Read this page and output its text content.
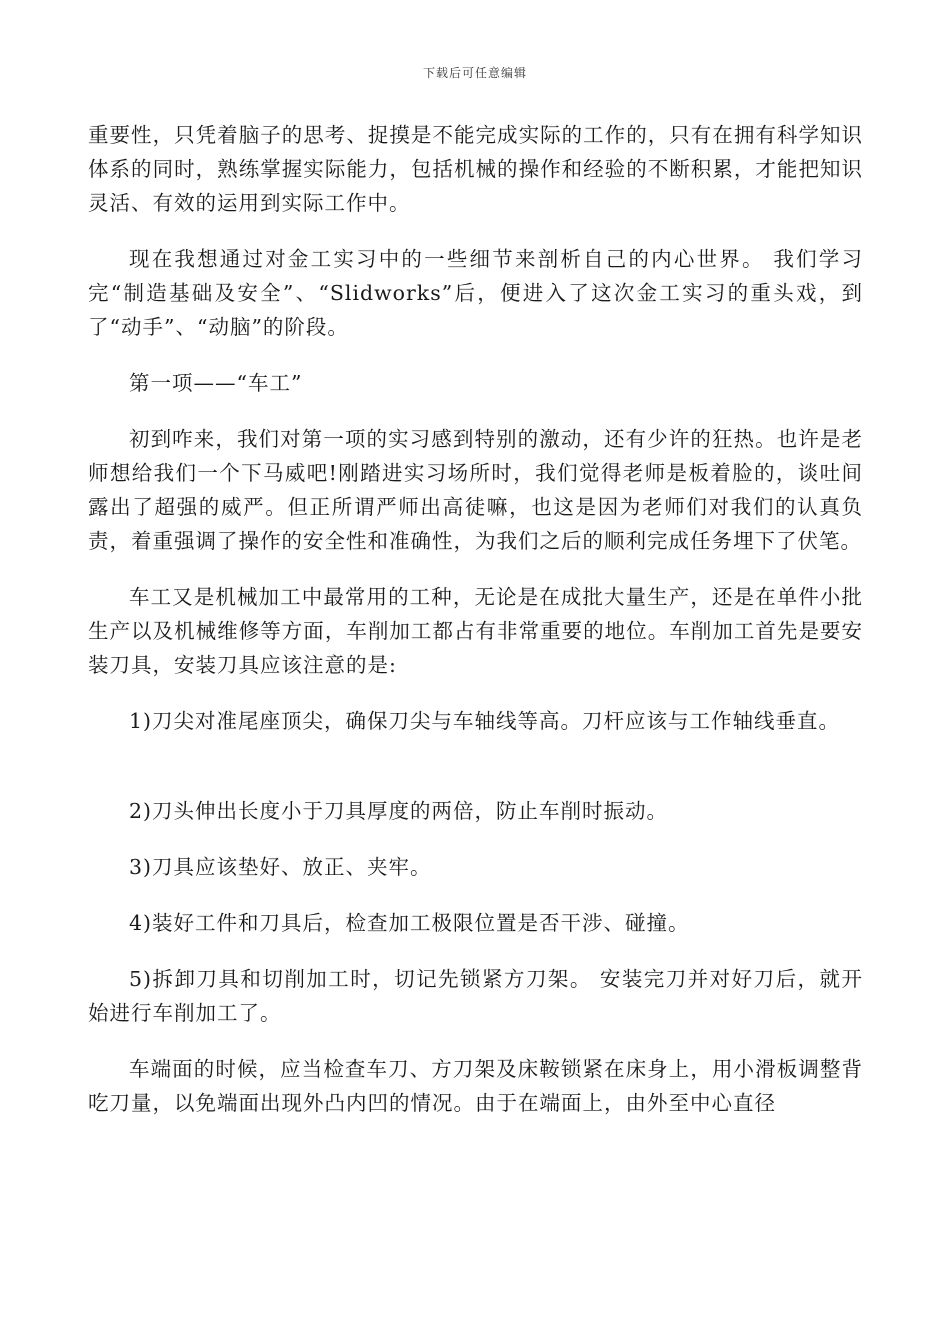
下载后可任意编辑

重要性，只凭着脑子的思考、捉摸是不能完成实际的工作的，只有在拥有科学知识体系的同时，熟练掌握实际能力，包括机械的操作和经验的不断积累，才能把知识灵活、有效的运用到实际工作中。

现在我想通过对金工实习中的一些细节来剖析自己的内心世界。 我们学习完“制造基础及安全”、“Slidworks”后，便进入了这次金工实习的重头戏，到了“动手”、“动脑”的阶段。

第一项——“车工”

初到咋来，我们对第一项的实习感到特别的激动，还有少许的狂热。也许是老师想给我们一个下马威吧!刚踏进实习场所时，我们觉得老师是板着脸的，谈吐间露出了超强的威严。但正所谓严师出高徒嘛，也这是因为老师们对我们的认真负责，着重强调了操作的安全性和准确性，为我们之后的顺利完成任务埋下了伏笔。

车工又是机械加工中最常用的工种，无论是在成批大量生产，还是在单件小批生产以及机械维修等方面，车削加工都占有非常重要的地位。车削加工首先是要安装刀具，安装刀具应该注意的是:

1)刀尖对准尾座顶尖，确保刀尖与车轴线等高。刀杆应该与工作轴线垂直。

2)刀头伸出长度小于刀具厚度的两倍，防止车削时振动。

3)刀具应该垫好、放正、夹牢。

4)装好工件和刀具后，检查加工极限位置是否干涉、碰撞。

5)拆卸刀具和切削加工时，切记先锁紧方刀架。 安装完刀并对好刀后，就开始进行车削加工了。

车端面的时候，应当检查车刀、方刀架及床鞍锁紧在床身上，用小滑板调整背吃刀量，以免端面出现外凸内凹的情况。由于在端面上，由外至中心直径
